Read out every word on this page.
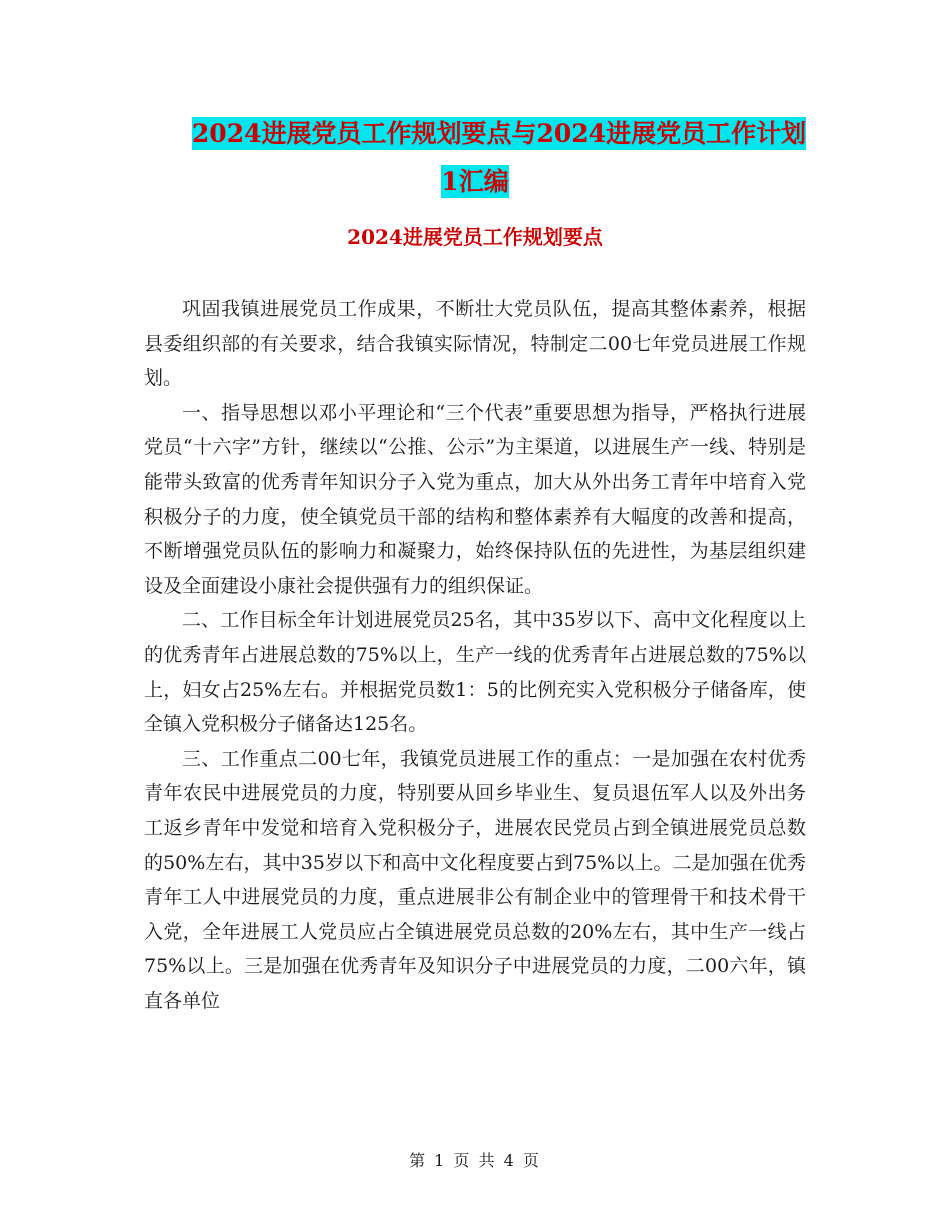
2024进展党员工作规划要点与2024进展党员工作计划
1汇编
2024进展党员工作规划要点

巩固我镇进展党员工作成果，不断壮大党员队伍，提高其整体素养，根据县委组织部的有关要求，结合我镇实际情况，特制定二00七年党员进展工作规划。

一、指导思想以邓小平理论和“三个代表”重要思想为指导，严格执行进展党员“十六字”方针，继续以“公推、公示”为主渠道，以进展生产一线、特别是能带头致富的优秀青年知识分子入党为重点，加大从外出务工青年中培育入党积极分子的力度，使全镇党员干部的结构和整体素养有大幅度的改善和提高，不断增强党员队伍的影响力和凝聚力，始终保持队伍的先进性，为基层组织建设及全面建设小康社会提供强有力的组织保证。

二、工作目标全年计划进展党员25名，其中35岁以下、高中文化程度以上的优秀青年占进展总数的75%以上，生产一线的优秀青年占进展总数的75%以上，妇女占25%左右。并根据党员数1：5的比例充实入党积极分子储备库，使全镇入党积极分子储备达125名。

三、工作重点二00七年，我镇党员进展工作的重点：一是加强在农村优秀青年农民中进展党员的力度，特别要从回乡毕业生、复员退伍军人以及外出务工返乡青年中发觉和培育入党积极分子，进展农民党员占到全镇进展党员总数的50%左右，其中35岁以下和高中文化程度要占到75%以上。二是加强在优秀青年工人中进展党员的力度，重点进展非公有制企业中的管理骨干和技术骨干入党，全年进展工人党员应占全镇进展党员总数的20%左右，其中生产一线占75%以上。三是加强在优秀青年及知识分子中进展党员的力度，二00六年，镇直各单位

第 1 页 共 4 页
